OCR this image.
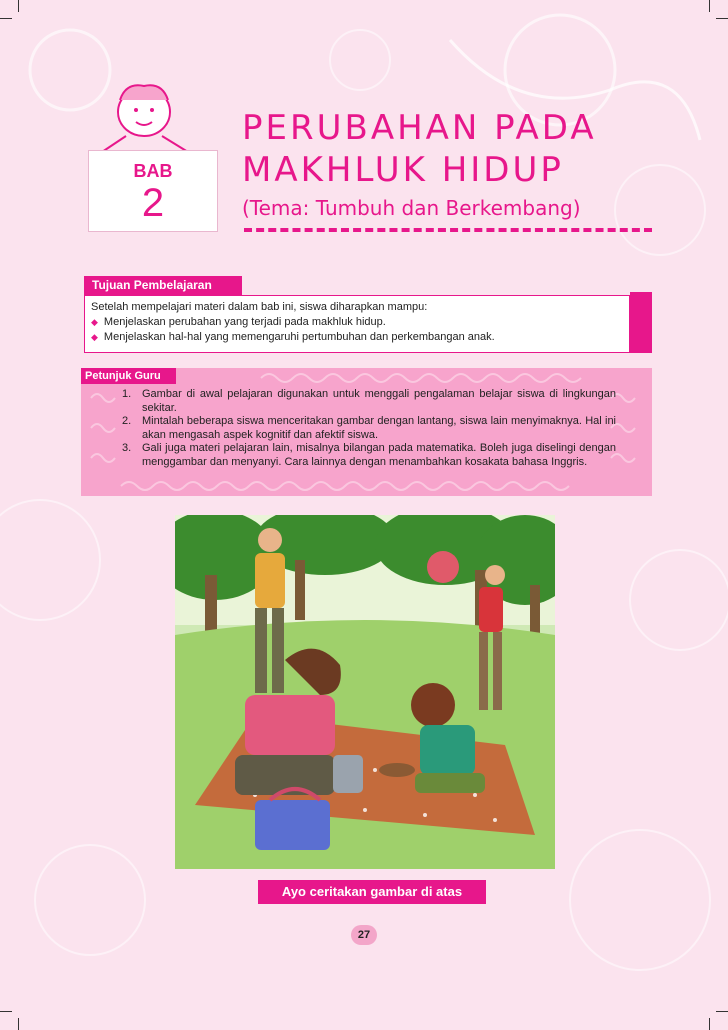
BAB
2
PERUBAHAN PADA
MAKHLUK HIDUP
(Tema: Tumbuh dan Berkembang)
Tujuan Pembelajaran
Setelah mempelajari materi dalam bab ini, siswa diharapkan mampu:
◆ Menjelaskan perubahan yang terjadi pada makhluk hidup.
◆ Menjelaskan hal-hal yang memengaruhi pertumbuhan dan perkembangan anak.
Petunjuk Guru
1. Gambar di awal pelajaran digunakan untuk menggali pengalaman belajar siswa di lingkungan sekitar.
2. Mintalah beberapa siswa menceritakan gambar dengan lantang, siswa lain menyimaknya. Hal ini akan mengasah aspek kognitif dan afektif siswa.
3. Gali juga materi pelajaran lain, misalnya bilangan pada matematika. Boleh juga diselingi dengan menggambar dan menyanyi. Cara lainnya dengan menambahkan kosakata bahasa Inggris.
Ayo ceritakan gambar di atas
27
